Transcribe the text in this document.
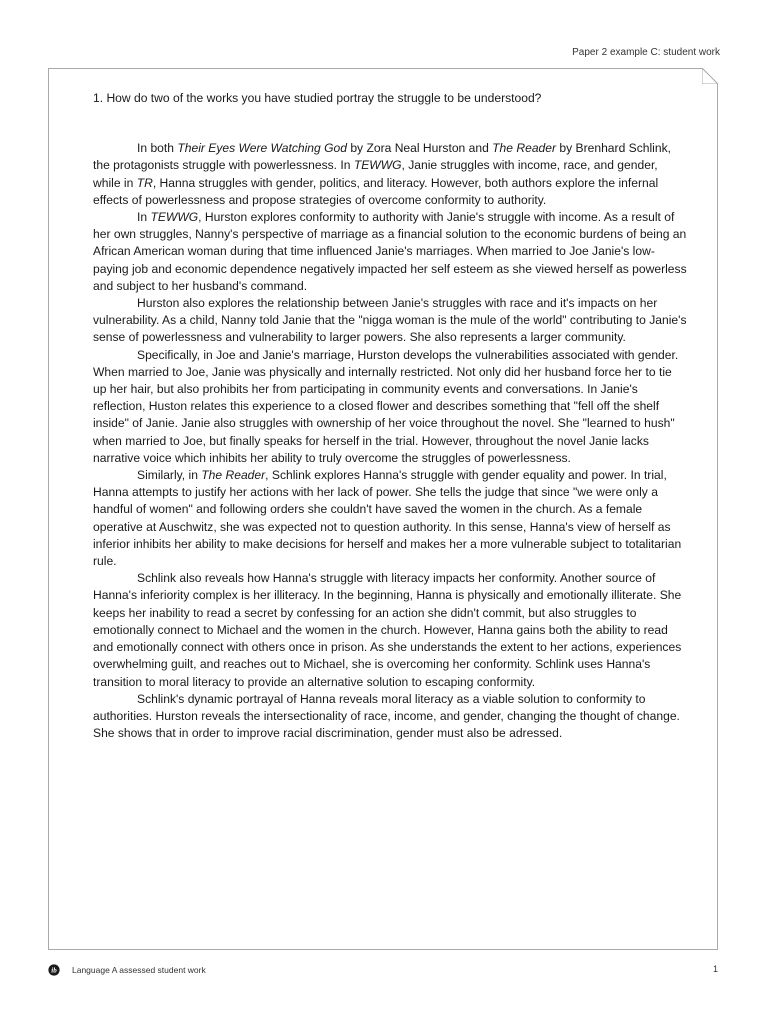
Paper 2 example C: student work

1. How do two of the works you have studied portray the struggle to be understood?

In both Their Eyes Were Watching God by Zora Neal Hurston and The Reader by Brenhard Schlink, the protagonists struggle with powerlessness. In TEWWG, Janie struggles with income, race, and gender, while in TR, Hanna struggles with gender, politics, and literacy. However, both authors explore the infernal effects of powerlessness and propose strategies of overcome conformity to authority.

In TEWWG, Hurston explores conformity to authority with Janie's struggle with income. As a result of her own struggles, Nanny's perspective of marriage as a financial solution to the economic burdens of being an African American woman during that time influenced Janie's marriages. When married to Joe Janie's low-paying job and economic dependence negatively impacted her self esteem as she viewed herself as powerless and subject to her husband's command.

Hurston also explores the relationship between Janie's struggles with race and it's impacts on her vulnerability. As a child, Nanny told Janie that the "nigga woman is the mule of the world" contributing to Janie's sense of powerlessness and vulnerability to larger powers. She also represents a larger community.

Specifically, in Joe and Janie's marriage, Hurston develops the vulnerabilities associated with gender. When married to Joe, Janie was physically and internally restricted. Not only did her husband force her to tie up her hair, but also prohibits her from participating in community events and conversations. In Janie's reflection, Huston relates this experience to a closed flower and describes something that "fell off the shelf inside" of Janie. Janie also struggles with ownership of her voice throughout the novel. She "learned to hush" when married to Joe, but finally speaks for herself in the trial. However, throughout the novel Janie lacks narrative voice which inhibits her ability to truly overcome the struggles of powerlessness.

Similarly, in The Reader, Schlink explores Hanna's struggle with gender equality and power. In trial, Hanna attempts to justify her actions with her lack of power. She tells the judge that since "we were only a handful of women" and following orders she couldn't have saved the women in the church. As a female operative at Auschwitz, she was expected not to question authority. In this sense, Hanna's view of herself as inferior inhibits her ability to make decisions for herself and makes her a more vulnerable subject to totalitarian rule.

Schlink also reveals how Hanna's struggle with literacy impacts her conformity. Another source of Hanna's inferiority complex is her illiteracy. In the beginning, Hanna is physically and emotionally illiterate. She keeps her inability to read a secret by confessing for an action she didn't commit, but also struggles to emotionally connect to Michael and the women in the church. However, Hanna gains both the ability to read and emotionally connect with others once in prison. As she understands the extent to her actions, experiences overwhelming guilt, and reaches out to Michael, she is overcoming her conformity. Schlink uses Hanna's transition to moral literacy to provide an alternative solution to escaping conformity.

Schlink's dynamic portrayal of Hanna reveals moral literacy as a viable solution to conformity to authorities. Hurston reveals the intersectionality of race, income, and gender, changing the thought of change. She shows that in order to improve racial discrimination, gender must also be adressed.

ib Language A assessed student work	1
